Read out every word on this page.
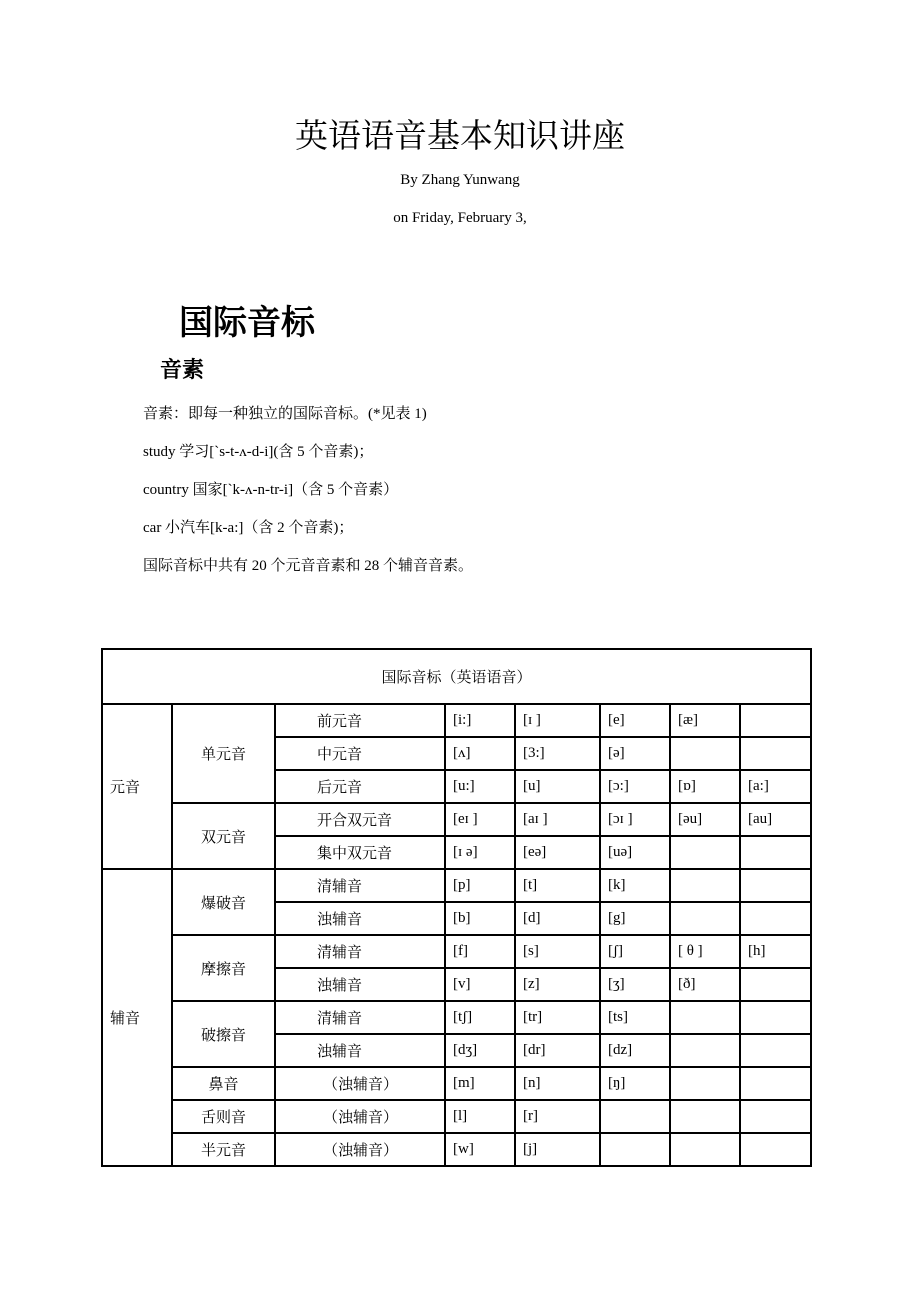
英语语音基本知识讲座
By Zhang Yunwang
on Friday, February 3,
国际音标
音素
音素：即每一种独立的国际音标。(*见表 1)
study 学习[`s-t-ʌ-d-i](含 5 个音素)；
country 国家[`k-ʌ-n-tr-i]（含 5 个音素）
car 小汽车[k-a:]（含 2 个音素)；
国际音标中共有 20 个元音音素和 28 个辅音音素。
国际音标（英语语音）							
元音	单元音	前元音	[i:]	[ɪ ]	[e]	[æ]	
		中元音	[ʌ]	[3:]	[ə]		
		后元音	[u:]	[u]	[ɔ:]	[ɒ]	[a:]
	双元音	开合双元音	[eɪ ]	[aɪ ]	[ɔɪ ]	[əu]	[au]
		集中双元音	[ɪ ə]	[eə]	[uə]		
辅音	爆破音	清辅音	[p]	[t]	[k]		
		浊辅音	[b]	[d]	[g]		
	摩擦音	清辅音	[f]	[s]	[ʃ]	[ θ ]	[h]
		浊辅音	[v]	[z]	[ʒ]	[ð]	
	破擦音	清辅音	[tʃ]	[tr]	[ts]		
		浊辅音	[dʒ]	[dr]	[dz]		
	鼻音	（浊辅音）	[m]	[n]	[ŋ]		
	舌则音	（浊辅音）	[l]	[r]			
	半元音	（浊辅音）	[w]	[j]			
